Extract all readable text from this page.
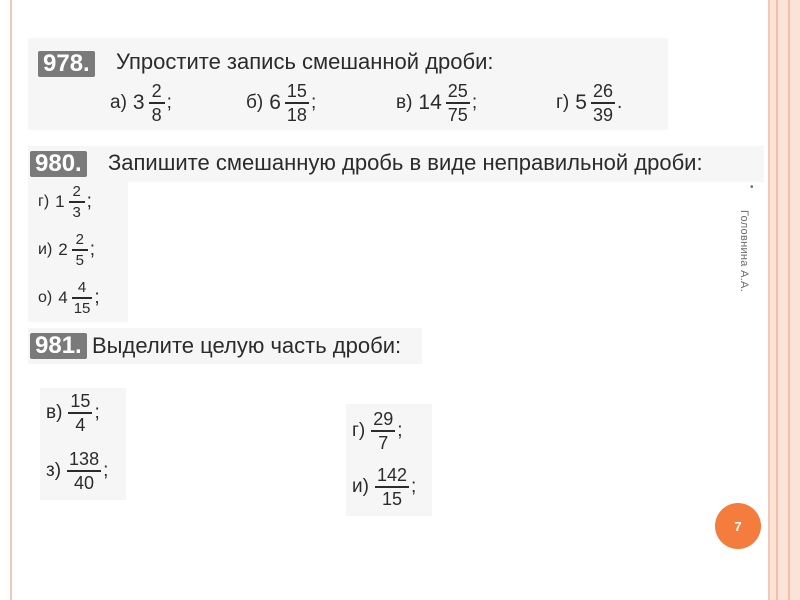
978. Упростите запись смешанной дроби:
а) $3 \frac{2}{8}$ ;	б) $6 \frac{15}{18}$ ;	в) $14 \frac{25}{75}$ ;	г) $5 \frac{26}{39}$ .
980. Запишите смешанную дробь в виде неправильной дроби:
г) $1 \frac{2}{3}$ ;
и) $2 \frac{2}{5}$ ;
о) $4 \frac{4}{15}$ ;
981. Выделите целую часть дроби:
$в) \frac{15}{4}$ ;
$з) \frac{138}{40}$ ;
$г) \frac{29}{7}$ ;
$и) \frac{142}{15}$ ;
•
Головнина А.А.
7
